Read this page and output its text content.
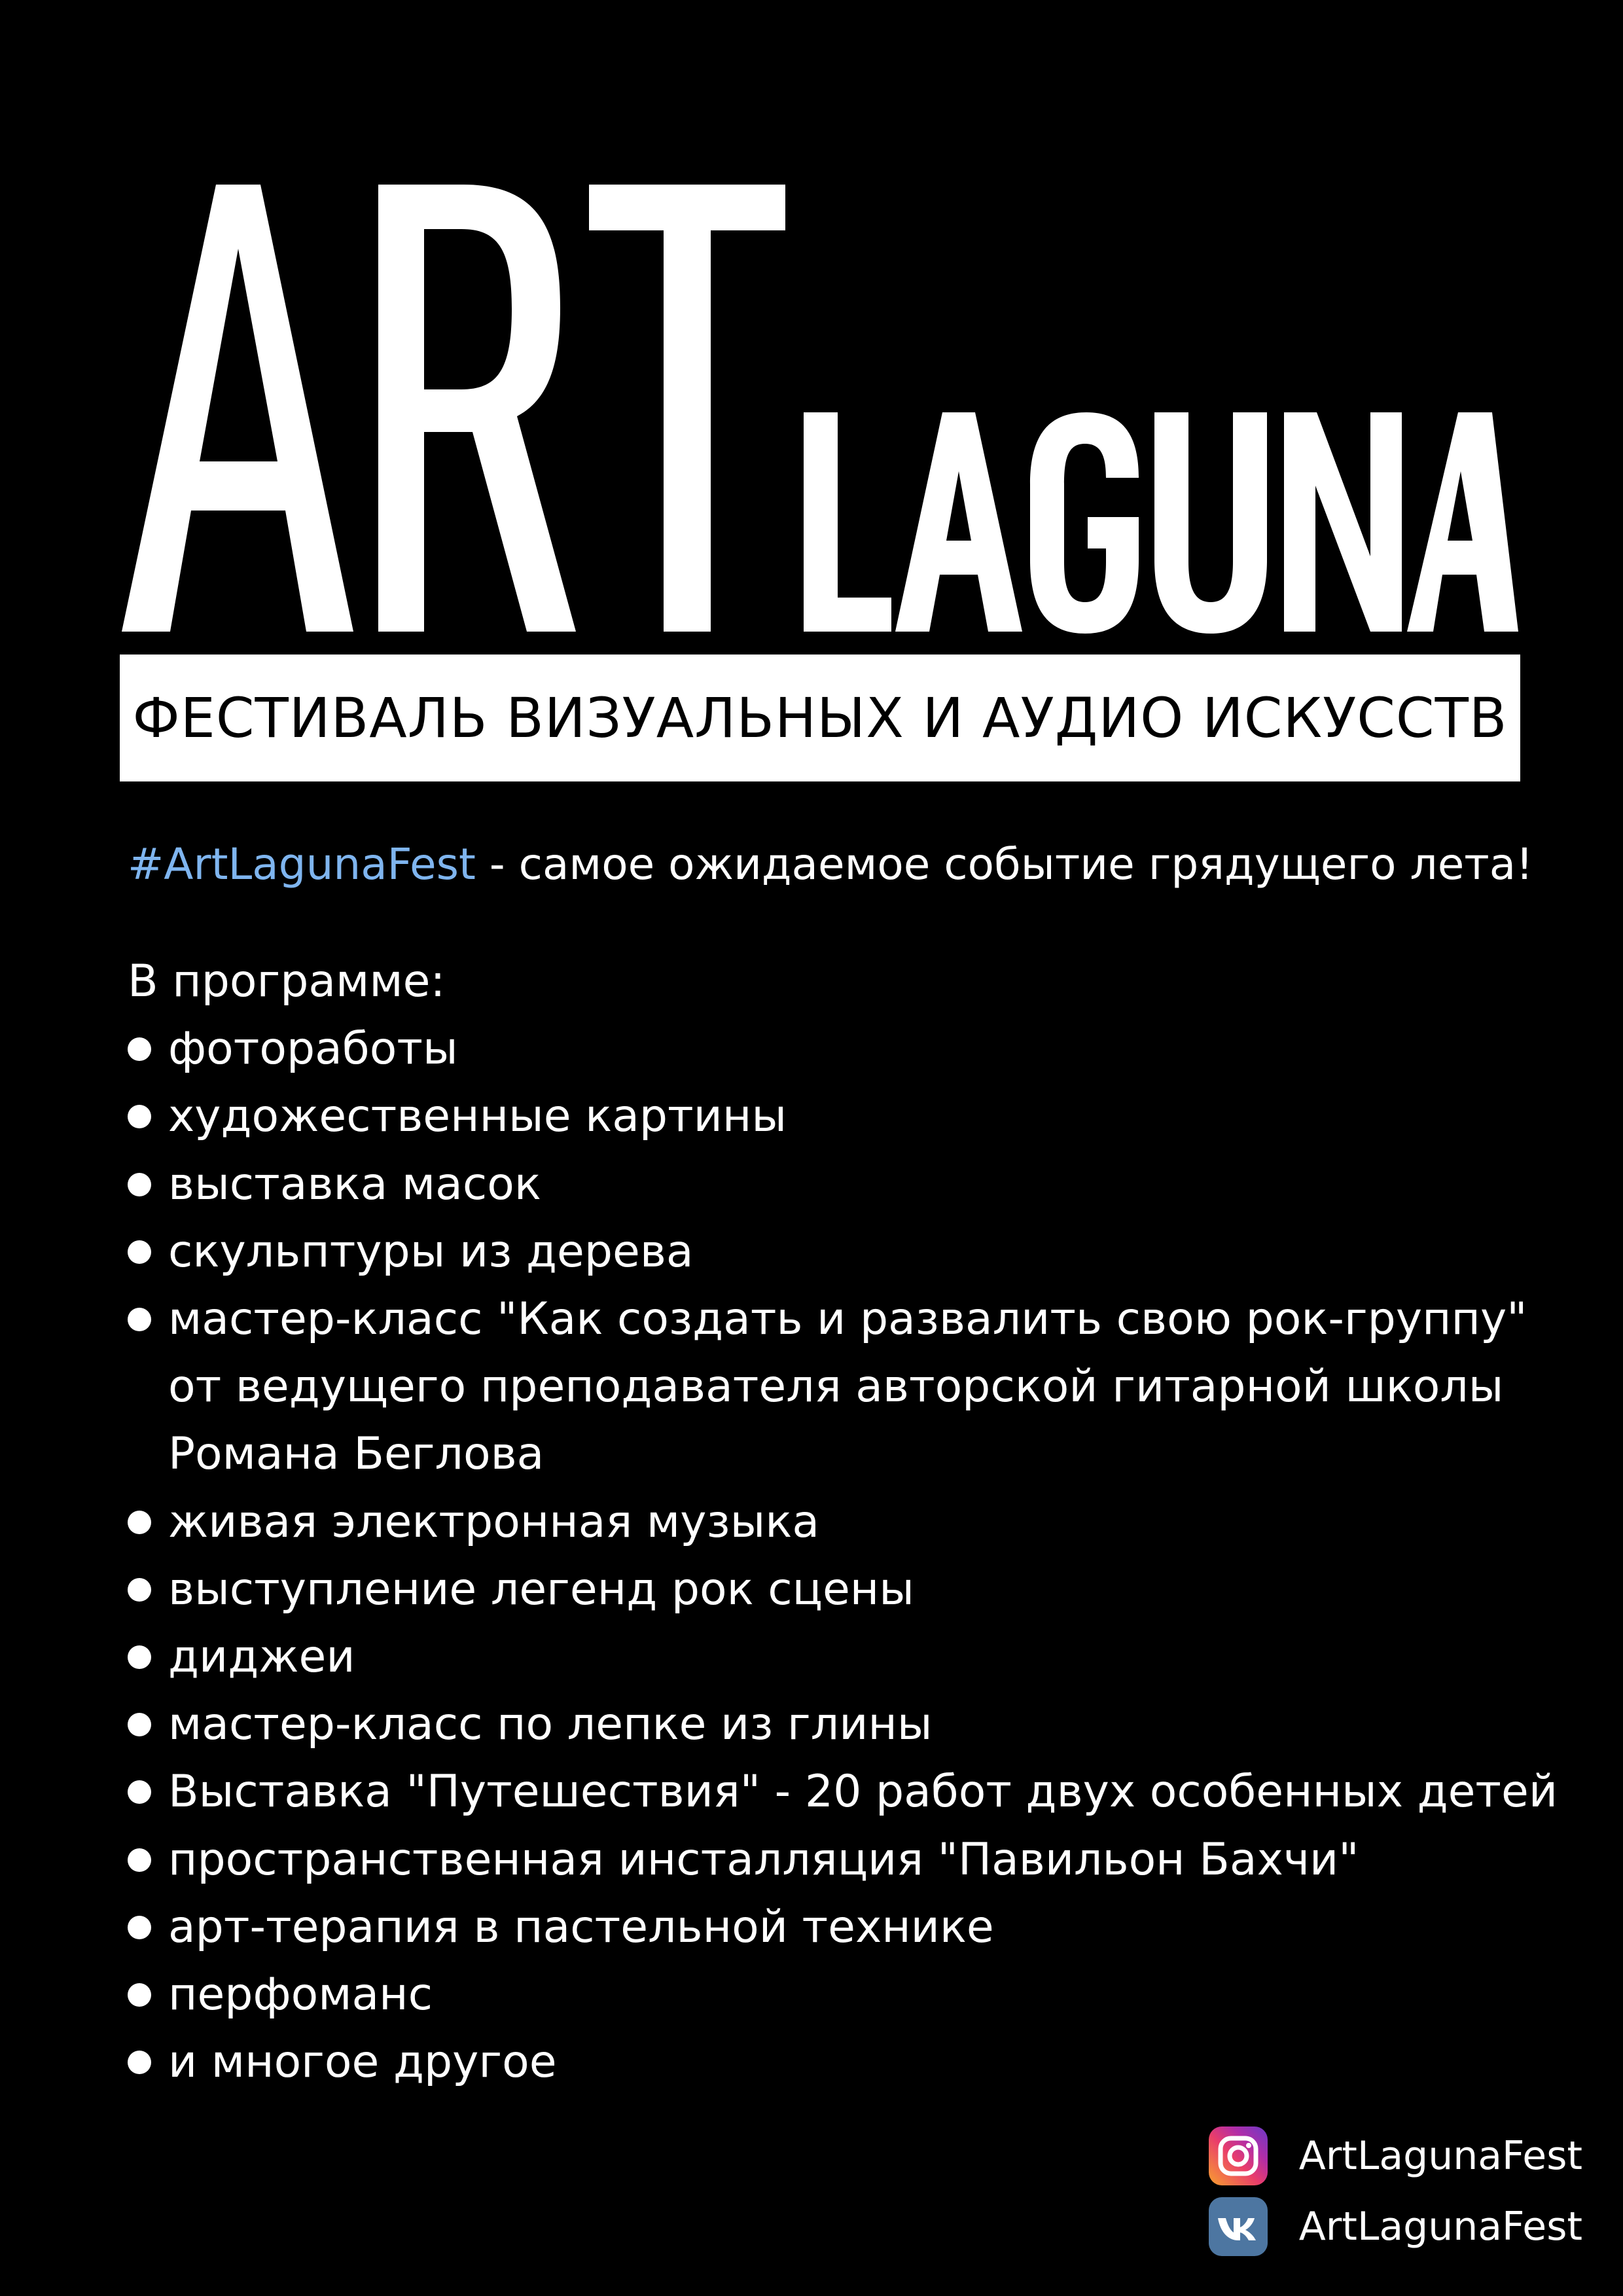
ФЕСТИВАЛЬ ВИЗУАЛЬНЫХ И АУДИО ИСКУССТВ
#ArtLagunaFest - самое ожидаемое событие грядущего лета!
В программе:
фотоработы
художественные картины
выставка масок
скульптуры из дерева
мастер-класс "Как создать и развалить свою рок-группу"
от ведущего преподавателя авторской гитарной школы
Романа Беглова
живая электронная музыка
выступление легенд рок сцены
диджеи
мастер-класс по лепке из глины
Выставка "Путешествия" - 20 работ двух особенных детей
пространственная инсталляция "Павильон Бахчи"
арт-терапия в пастельной технике
перфоманс
и многое другое
ArtLagunaFest
ArtLagunaFest
